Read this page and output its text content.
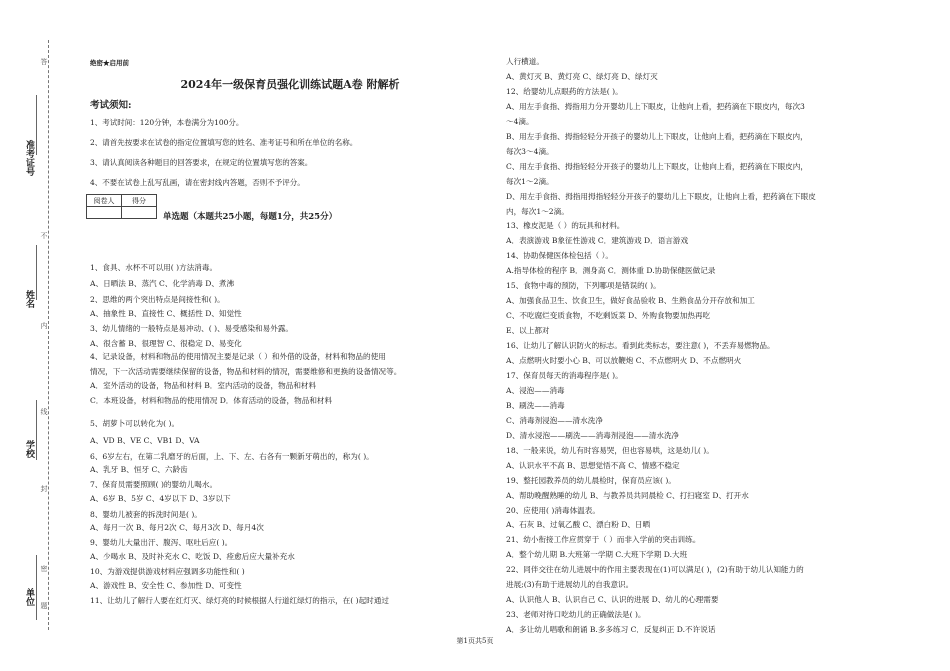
准考证号
姓名
学校
单位
答
不
内
线
封
密
题
绝密★启用前
2024年一级保育员强化训练试题A卷 附解析
考试须知:
1、考试时间：120分钟，本卷满分为100分。
2、请首先按要求在试卷的指定位置填写您的姓名、准考证号和所在单位的名称。
3、请认真阅读各种题目的回答要求，在规定的位置填写您的答案。
4、不要在试卷上乱写乱画，请在密封线内答题，否则不予评分。
阅卷人	得分

单选题（本题共25小题，每题1分，共25分）
1、食具、水杯不可以用( )方法消毒。
A、日晒法 B、蒸汽 C、化学消毒 D、煮沸
2、思维的两个突出特点是间接性和( )。
A、抽象性 B、直接性 C、概括性 D、知觉性
3、幼儿情绪的一般特点是易冲动、( )、易受感染和易外露。
A、很含蓄 B、很理智 C、很稳定 D、易变化
4、记录设备，材料和物品的使用情况主要是记录（ ）和外借的设备，材料和物品的使用
情况，下一次活动需要继续保留的设备，物品和材料的情况，需要维修和更换的设备情况等。
A．室外活动的设备，物品和材料 B．室内活动的设备，物品和材料
C．本班设备，材料和物品的使用情况 D．体育活动的设备，物品和材料
5、胡萝卜可以转化为( )。
A、VD B、VE C、VB1 D、VA
6、6岁左右，在第二乳磨牙的后面，上、下、左、右各有一颗新牙萌出的，称为( )。
A、乳牙 B、恒牙 C、六龄齿
7、保育员需要照顾( )的婴幼儿喝水。
A、6岁 B、5岁 C、4岁以下 D、3岁以下
8、婴幼儿被套的拆洗时间是( )。
A、每月一次 B、每月2次 C、每月3次 D、每月4次
9、婴幼儿大量出汗、腹泻、呕吐后应( )。
A、少喝水 B、及时补充水 C、吃饭 D、痊愈后应大量补充水
10、为游戏提供游戏材料应强调多功能性和( )
A、游戏性 B、安全性 C、参加性 D、可变性
11、让幼儿了解行人要在红灯灭、绿灯亮的时候根据人行道红绿灯的指示，在( )起时通过
人行横道。
A、黄灯灭 B、黄灯亮 C、绿灯亮 D、绿灯灭
12、给婴幼儿点眼药的方法是( )。
A、用左手食指、拇指用力分开婴幼儿上下眼皮，让他向上看，把药滴在下眼皮内，每次3
～4滴。
B、用左手食指、拇指轻轻分开孩子的婴幼儿上下眼皮，让他向上看，把药滴在下眼皮内，
每次3～4滴。
C、用左手食指、拇指轻轻分开孩子的婴幼儿上下眼皮，让他向上看，把药滴在下眼皮内，
每次1～2滴。
D、用左手食指、拇指用拇指轻轻分开孩子的婴幼儿上下眼皮，让他向上看，把药滴在下眼皮
内，每次1～2滴。
13、橡皮泥是（ ）的玩具和材料。
A．表演游戏 B象征性游戏 C．建筑游戏 D．语言游戏
14、协助保健医体检包括（ ）。
A.指导体检的程序 B．测身高 C．测体重 D.协助保健医做记录
15、食物中毒的预防，下列哪项是错误的( )。
A、加强食品卫生、饮食卫生，做好食品验收 B、生熟食品分开存放和加工
C、不吃腐烂变质食物，不吃剩饭菜 D、外购食物要加热再吃
E、以上都对
16、让幼儿了解认识防火的标志。看到此类标志，要注意( )，不丢弃易燃物品。
A、点燃明火时要小心 B、可以放鞭炮 C、不点燃明火 D、不点燃明火
17、保育员每天的消毒程序是( )。
A、浸泡——消毒
B、刷洗——消毒
C、消毒剂浸泡——清水洗净
D、清水浸泡——刷洗——消毒剂浸泡——清水洗净
18、一般来说，幼儿有时容易哭，但也容易哄，这是幼儿( )。
A、认识水平不高 B、思想觉悟不高 C、情感不稳定
19、整托园教养员的幼儿晨检时，保育员应该( )。
A、帮助晚醒熟睡的幼儿 B、与教养员共同晨检 C、打扫寝室 D、打开水
20、应使用( )消毒体温表。
A、石灰 B、过氧乙酸 C、漂白粉 D、日晒
21、幼小衔接工作应贯穿于（ ）而非入学前的突击训练。
A．整个幼儿期 B.大班第一学期 C.大班下学期 D.大班
22、同伴交往在幼儿进展中的作用主要表现在(1)可以满足( )，(2)有助于幼儿认知能力的
进展;(3)有助于进展幼儿的自我意识。
A、认识他人 B、认识自己 C、认识的进展 D、幼儿的心理需要
23、老师对待口吃幼儿的正确做法是( )。
A．多让幼儿唱歌和朗诵 B.多多练习 C．反复纠正 D.不许说话
第1页共5页
